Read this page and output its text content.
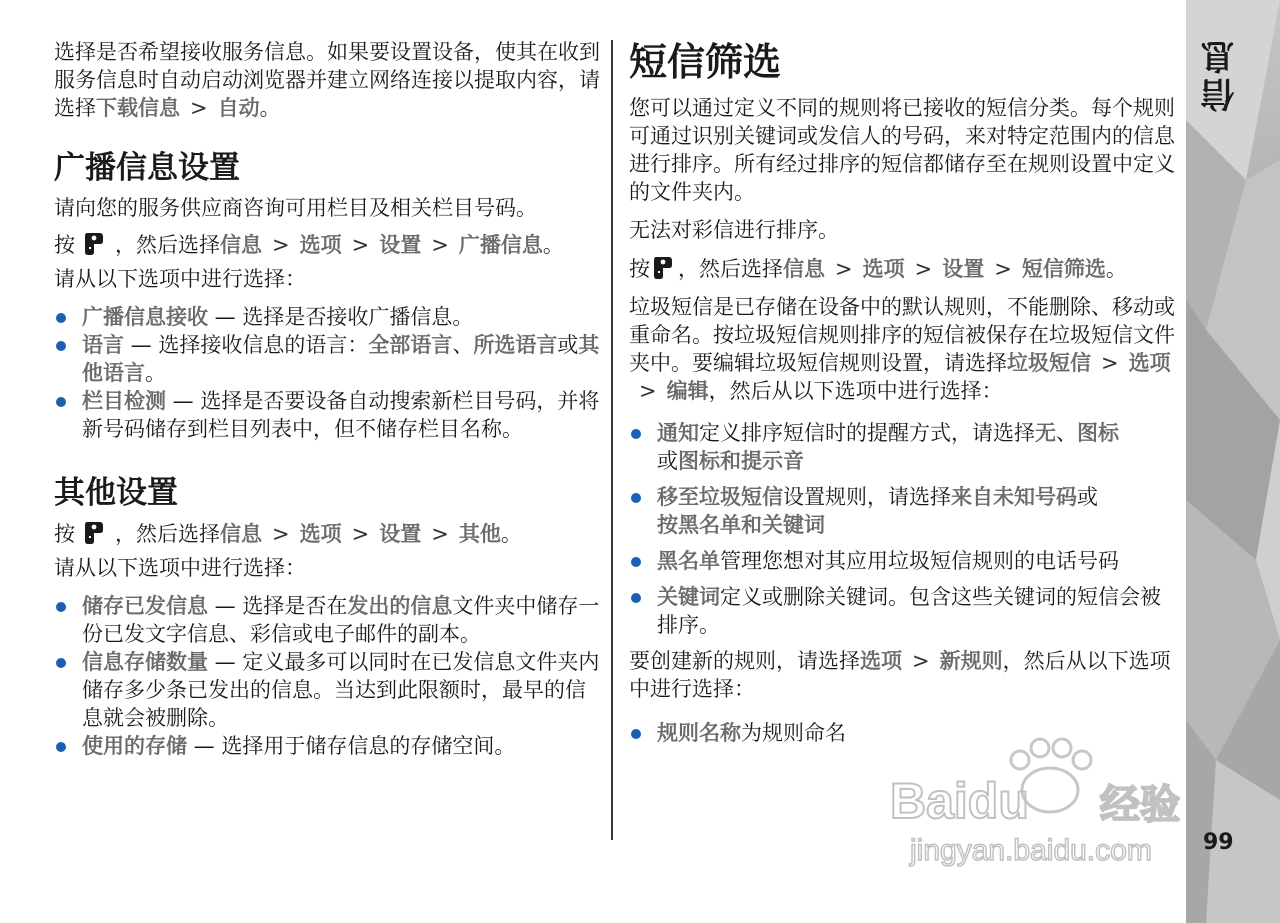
选择是否希望接收服务信息。如果要设置设备，使其在收到服务信息时自动启动浏览器并建立网络连接以提取内容，请选择下载信息 > 自动。

广播信息设置

请向您的服务供应商咨询可用栏目及相关栏目号码。

按 ，然后选择信息 > 选项 > 设置 > 广播信息。

请从以下选项中进行选择：

广播信息接收 — 选择是否接收广播信息。
语言 — 选择接收信息的语言：全部语言、所选语言或其他语言。
栏目检测 — 选择是否要设备自动搜索新栏目号码，并将新号码储存到栏目列表中，但不储存栏目名称。
其他设置

按 ，然后选择信息 > 选项 > 设置 > 其他。

请从以下选项中进行选择：

储存已发信息 — 选择是否在发出的信息文件夹中储存一份已发文字信息、彩信或电子邮件的副本。
信息存储数量 — 定义最多可以同时在已发信息文件夹内储存多少条已发出的信息。当达到此限额时，最早的信息就会被删除。
使用的存储 — 选择用于储存信息的存储空间。
短信筛选

您可以通过定义不同的规则将已接收的短信分类。每个规则可通过识别关键词或发信人的号码，来对特定范围内的信息进行排序。所有经过排序的短信都储存至在规则设置中定义的文件夹内。

无法对彩信进行排序。

按 ，然后选择信息 > 选项 > 设置 > 短信筛选。

垃圾短信是已存储在设备中的默认规则，不能删除、移动或重命名。按垃圾短信规则排序的短信被保存在垃圾短信文件夹中。要编辑垃圾短信规则设置，请选择垃圾短信 > 选项> 编辑，然后从以下选项中进行选择：

通知定义排序短信时的提醒方式，请选择无、图标
或图标和提示音
移至垃圾短信设置规则，请选择来自未知号码或
按黑名单和关键词
黑名单管理您想对其应用垃圾短信规则的电话号码
关键词定义或删除关键词。包含这些关键词的短信会被排序。

要创建新的规则，请选择选项 > 新规则，然后从以下选项中进行选择：

规则名称为规则命名
信息
99
Baidu 经验
jingyan.baidu.com
